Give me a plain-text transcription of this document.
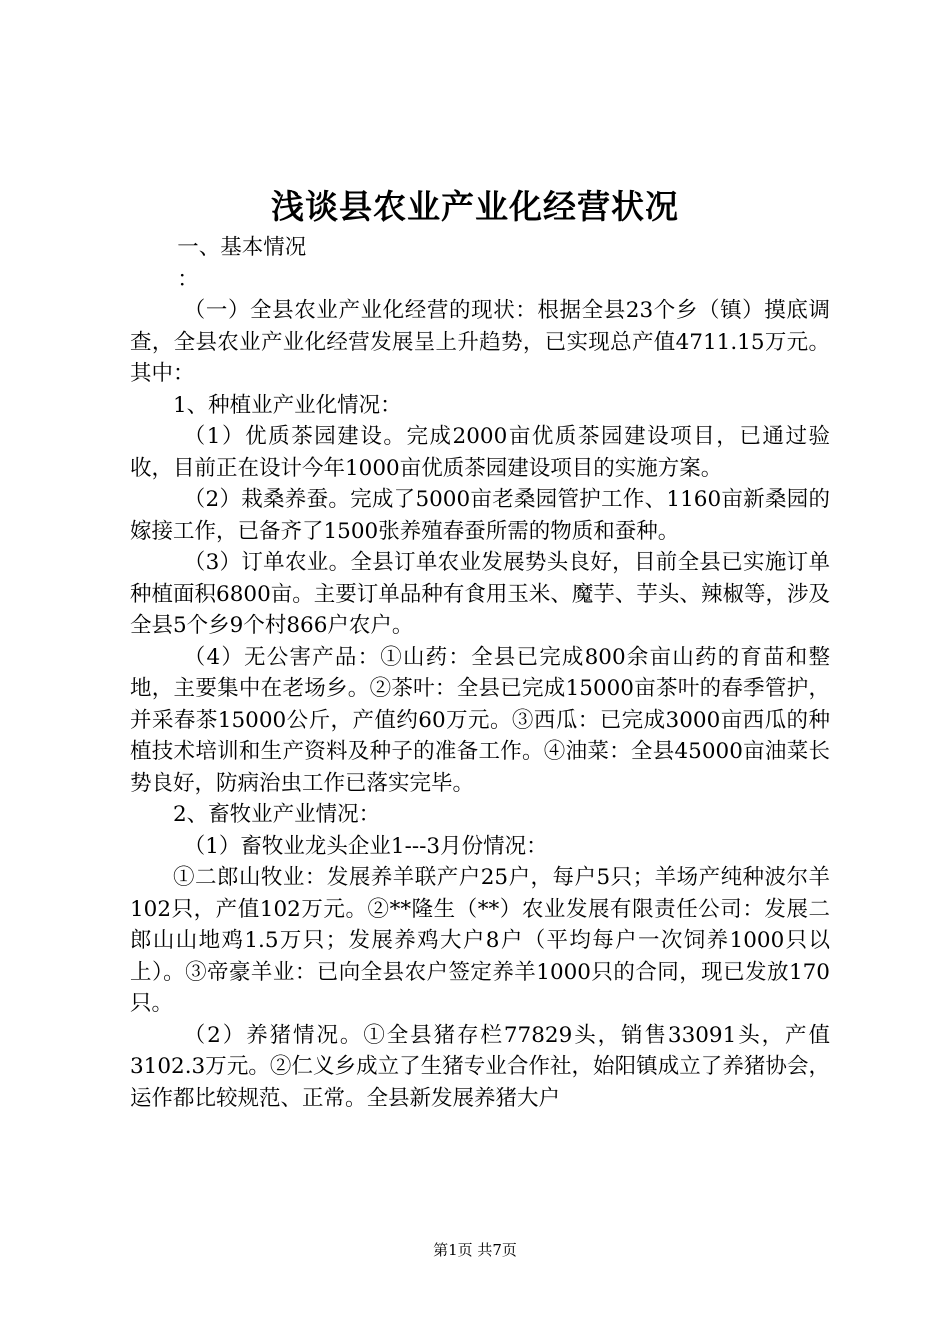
浅谈县农业产业化经营状况

一、基本情况

：

（一）全县农业产业化经营的现状：根据全县23个乡（镇）摸底调查，全县农业产业化经营发展呈上升趋势，已实现总产值4711.15万元。其中：

1、种植业产业化情况：

（1）优质茶园建设。完成2000亩优质茶园建设项目，已通过验收，目前正在设计今年1000亩优质茶园建设项目的实施方案。

（2）栽桑养蚕。完成了5000亩老桑园管护工作、1160亩新桑园的嫁接工作，已备齐了1500张养殖春蚕所需的物质和蚕种。

（3）订单农业。全县订单农业发展势头良好，目前全县已实施订单种植面积6800亩。主要订单品种有食用玉米、魔芋、芋头、辣椒等，涉及全县5个乡9个村866户农户。

（4）无公害产品：①山药：全县已完成800余亩山药的育苗和整地，主要集中在老场乡。②茶叶：全县已完成15000亩茶叶的春季管护，并采春茶15000公斤，产值约60万元。③西瓜：已完成3000亩西瓜的种植技术培训和生产资料及种子的准备工作。④油菜：全县45000亩油菜长势良好，防病治虫工作已落实完毕。

2、畜牧业产业情况：

（1）畜牧业龙头企业1---3月份情况：

①二郎山牧业：发展养羊联产户25户，每户5只；羊场产纯种波尔羊102只，产值102万元。②**隆生（**）农业发展有限责任公司：发展二郎山山地鸡1.5万只；发展养鸡大户8户（平均每户一次饲养1000只以上）。③帝豪羊业：已向全县农户签定养羊1000只的合同，现已发放170只。

（2）养猪情况。①全县猪存栏77829头，销售33091头，产值3102.3万元。②仁义乡成立了生猪专业合作社，始阳镇成立了养猪协会，运作都比较规范、正常。全县新发展养猪大户

第1页 共7页
